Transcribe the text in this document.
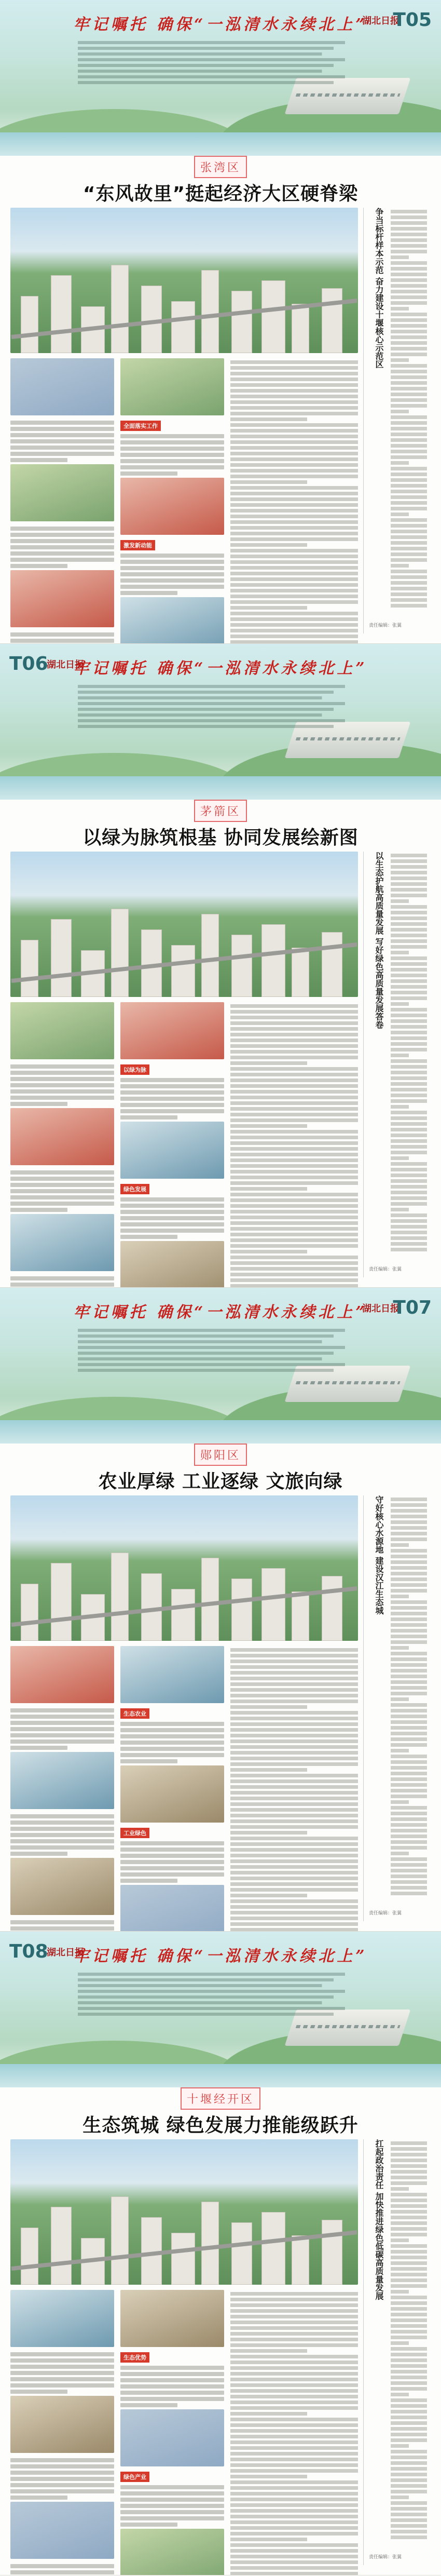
牢记嘱托 确保“一泓清水永续北上”
湖北日报
T05
张湾区
“东风故里”挺起经济大区硬脊梁
全面落实工作
激发新动能
争当标杆样本示范 奋力建设十堰核心示范区
责任编辑：张翼
牢记嘱托 确保“一泓清水永续北上”
湖北日报
T06
茅箭区
以绿为脉筑根基 协同发展绘新图
以绿为脉
绿色发展
以生态护航高质量发展 写好绿色高质量发展答卷
责任编辑：张翼
牢记嘱托 确保“一泓清水永续北上”
湖北日报
T07
郧阳区
农业厚绿 工业逐绿 文旅向绿
生态农业
工业绿色
守好核心水源地 建设汉江生态城
责任编辑：张翼
牢记嘱托 确保“一泓清水永续北上”
湖北日报
T08
十堰经开区
生态筑城 绿色发展力推能级跃升
生态优势
绿色产业
扛起政治责任 加快推进绿色低碳高质量发展
责任编辑：张翼
